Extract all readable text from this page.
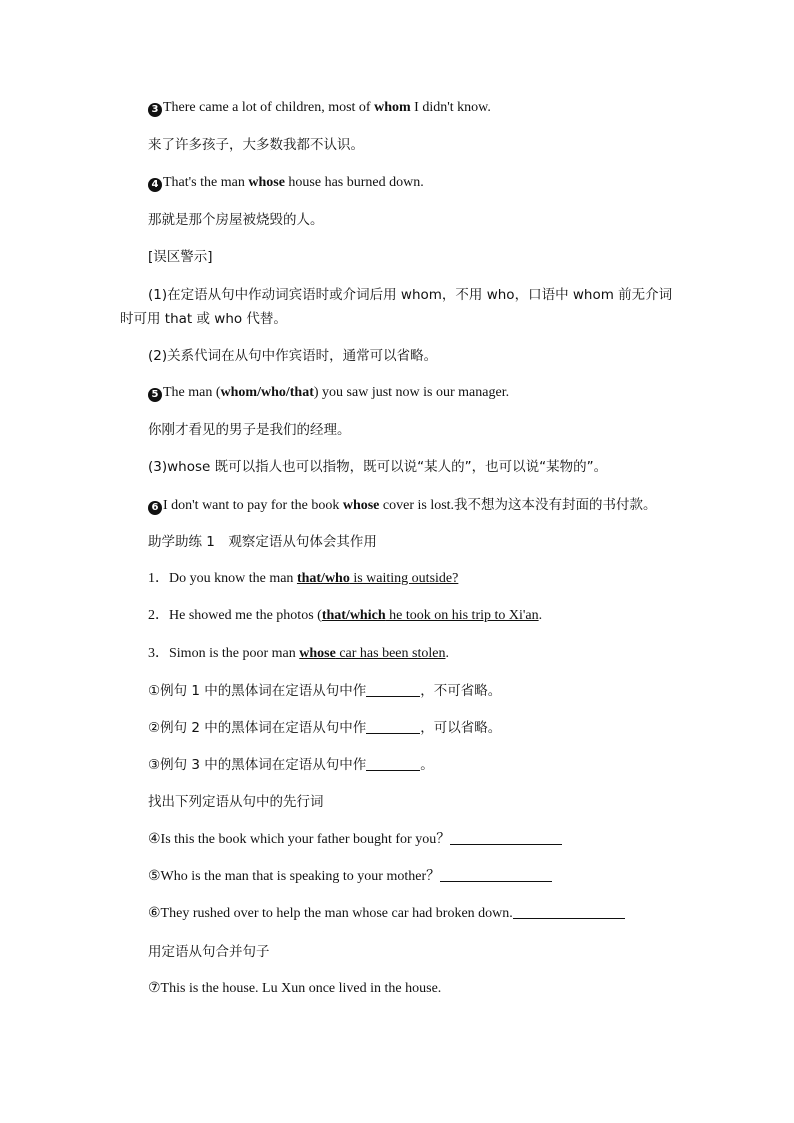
3 There came a lot of children, most of whom I didn't know.
来了许多孩子，大多数我都不认识。
4 That's the man whose house has burned down.
那就是那个房屋被烧毁的人。
[误区警示]
(1)在定语从句中作动词宾语时或介词后用 whom，不用 who，口语中 whom 前无介词时可用 that 或 who 代替。
(2)关系代词在从句中作宾语时，通常可以省略。
5 The man (whom/who/that) you saw just now is our manager.
你刚才看见的男子是我们的经理。
(3)whose 既可以指人也可以指物，既可以说“某人的”，也可以说“某物的”。
6 I don't want to pay for the book whose cover is lost.我不想为这本没有封面的书付款。
助学助练 1　观察定语从句体会其作用
1．Do you know the man that/who is waiting outside?
2．He showed me the photos (that/which he took on his trip to Xi'an.
3．Simon is the poor man whose car has been stolen.
①例句 1 中的黑体词在定语从句中作	，不可省略。
②例句 2 中的黑体词在定语从句中作	，可以省略。
③例句 3 中的黑体词在定语从句中作	。
找出下列定语从句中的先行词
④Is this the book which your father bought for you？
⑤Who is the man that is speaking to your mother？
⑥They rushed over to help the man whose car had broken down.
用定语从句合并句子
⑦This is the house. Lu Xun once lived in the house.
